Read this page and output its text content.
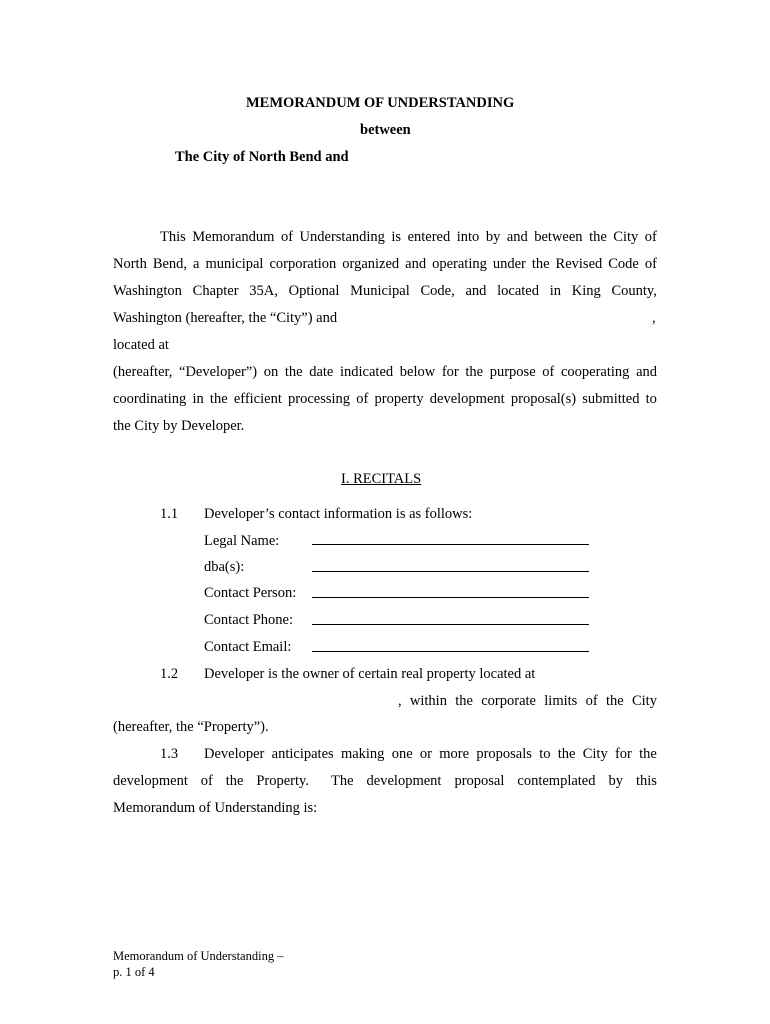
MEMORANDUM OF UNDERSTANDING
between
The City of North Bend and
This Memorandum of Understanding is entered into by and between the City of
North Bend, a municipal corporation organized and operating under the Revised Code of
Washington Chapter 35A, Optional Municipal Code, and located in King County,
Washington (hereafter, the “City”) and	,
located at
(hereafter, “Developer”) on the date indicated below for the purpose of cooperating and
coordinating in the efficient processing of property development proposal(s) submitted to
the City by Developer.
I. RECITALS
1.1 Developer’s contact information is as follows:
Legal Name:
dba(s):
Contact Person:
Contact Phone:
Contact Email:
1.2 Developer is the owner of certain real property located at
, within the corporate limits of the City
(hereafter, the “Property”).
1.3 Developer anticipates making one or more proposals to the City for the
development of the Property. The development proposal contemplated by this
Memorandum of Understanding is:
Memorandum of Understanding –
p. 1 of 4
